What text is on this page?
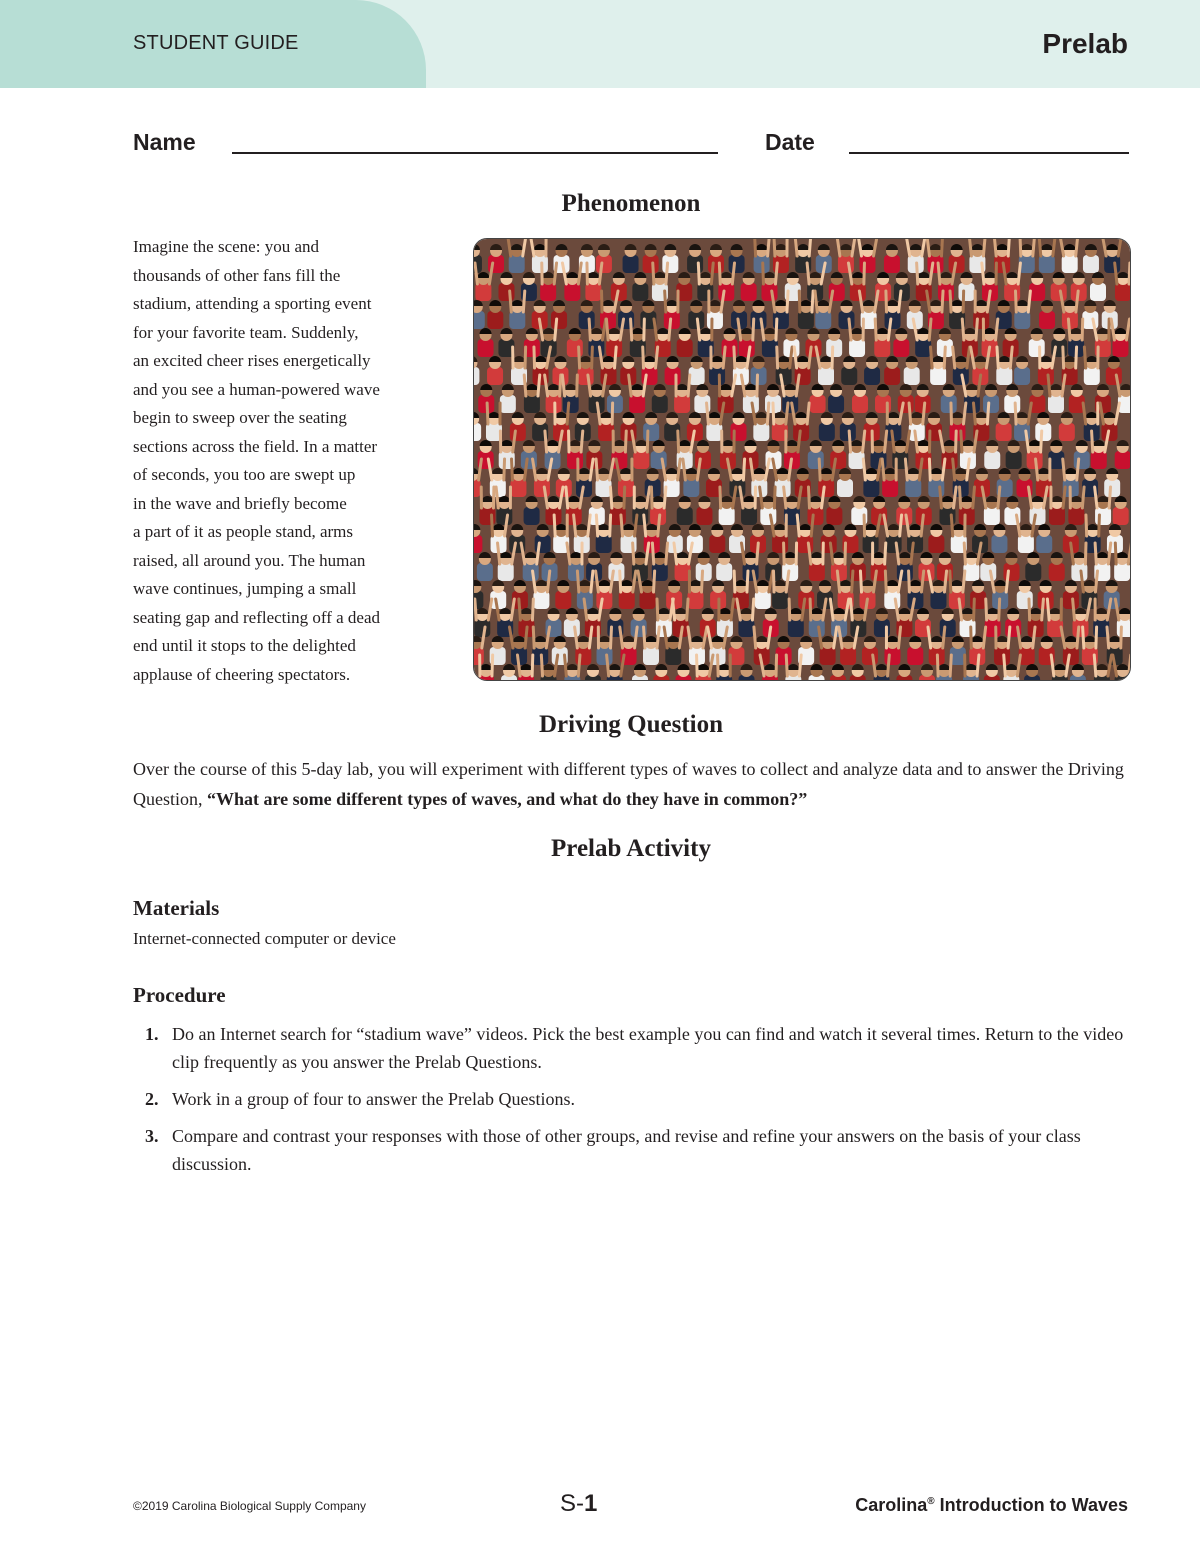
STUDENT GUIDE	Prelab
Name	Date
Phenomenon
Imagine the scene: you and
thousands of other fans fill the
stadium, attending a sporting event
for your favorite team. Suddenly,
an excited cheer rises energetically
and you see a human-powered wave
begin to sweep over the seating
sections across the field. In a matter
of seconds, you too are swept up
in the wave and briefly become
a part of it as people stand, arms
raised, all around you. The human
wave continues, jumping a small
seating gap and reflecting off a dead
end until it stops to the delighted
applause of cheering spectators.
Driving Question

Over the course of this 5-day lab, you will experiment with different types of waves to collect and analyze data and to answer the Driving Question, “What are some different types of waves, and what do they have in common?”

Prelab Activity
Materials

Internet-connected computer or device

Procedure
1. Do an Internet search for “stadium wave” videos. Pick the best example you can find and watch it several times. Return to the video clip frequently as you answer the Prelab Questions.
2. Work in a group of four to answer the Prelab Questions.
3. Compare and contrast your responses with those of other groups, and revise and refine your answers on the basis of your class discussion.
©2019 Carolina Biological Supply Company	S-1	Carolina® Introduction to Waves
